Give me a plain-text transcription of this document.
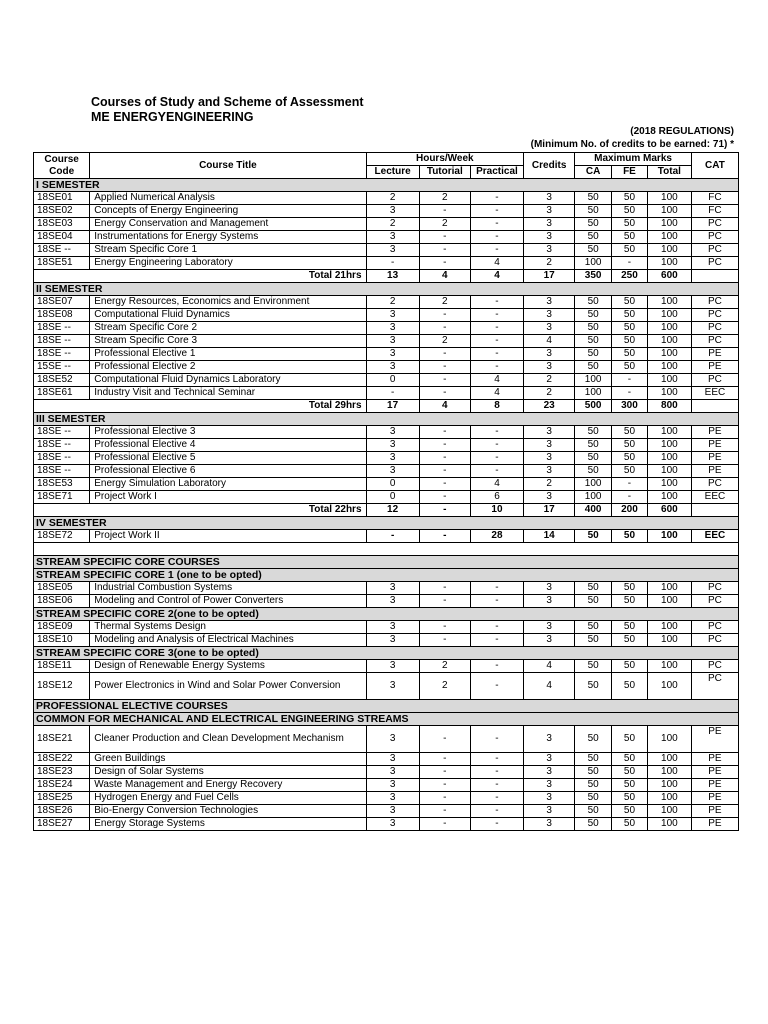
Courses of Study and Scheme of Assessment
ME ENERGYENGINEERING
(2018 REGULATIONS)
(Minimum No. of credits to be earned: 71) *
Course Code	Course Title	Hours/Week			Credits	Maximum Marks			CAT
		Lecture	Tutorial	Practical		CA	FE	Total	
I SEMESTER									
18SE01	Applied Numerical Analysis	2	2	-	3	50	50	100	FC
18SE02	Concepts of Energy Engineering	3	-	-	3	50	50	100	FC
18SE03	Energy Conservation and Management	2	2	-	3	50	50	100	PC
18SE04	Instrumentations for Energy Systems	3	-	-	3	50	50	100	PC
18SE --	Stream Specific Core 1	3	-	-	3	50	50	100	PC
18SE51	Energy Engineering Laboratory	-	-	4	2	100	-	100	PC
Total 21hrs		13	4	4	17	350	250	600	
II SEMESTER									
18SE07	Energy Resources, Economics and Environment	2	2	-	3	50	50	100	PC
18SE08	Computational Fluid Dynamics	3	-	-	3	50	50	100	PC
18SE --	Stream Specific Core 2	3	-	-	3	50	50	100	PC
18SE --	Stream Specific Core 3	3	2	-	4	50	50	100	PC
18SE --	Professional Elective 1	3	-	-	3	50	50	100	PE
15SE --	Professional Elective 2	3	-	-	3	50	50	100	PE
18SE52	Computational Fluid Dynamics Laboratory	0	-	4	2	100	-	100	PC
18SE61	Industry Visit and Technical Seminar	-	-	4	2	100	-	100	EEC
Total 29hrs		17	4	8	23	500	300	800	
III SEMESTER									
18SE --	Professional Elective 3	3	-	-	3	50	50	100	PE
18SE --	Professional Elective 4	3	-	-	3	50	50	100	PE
18SE --	Professional Elective 5	3	-	-	3	50	50	100	PE
18SE --	Professional Elective 6	3	-	-	3	50	50	100	PE
18SE53	Energy Simulation Laboratory	0	-	4	2	100	-	100	PC
18SE71	Project Work I	0	-	6	3	100	-	100	EEC
Total 22hrs		12	-	10	17	400	200	600	
IV SEMESTER									
18SE72	Project Work II	-	-	28	14	50	50	100	EEC

STREAM SPECIFIC CORE COURSES									
STREAM SPECIFIC CORE 1 (one to be opted)									
18SE05	Industrial Combustion Systems	3	-	-	3	50	50	100	PC
18SE06	Modeling and Control of Power Converters	3	-	-	3	50	50	100	PC
STREAM SPECIFIC CORE 2(one to be opted)									
18SE09	Thermal Systems Design	3	-	-	3	50	50	100	PC
18SE10	Modeling and Analysis of Electrical Machines	3	-	-	3	50	50	100	PC
STREAM SPECIFIC CORE 3(one to be opted)									
18SE11	Design of Renewable Energy Systems	3	2	-	4	50	50	100	PC
18SE12	Power Electronics in Wind and Solar Power Conversion	3	2	-	4	50	50	100	PC
PROFESSIONAL ELECTIVE COURSES									
COMMON FOR MECHANICAL AND ELECTRICAL ENGINEERING STREAMS									
18SE21	Cleaner Production and Clean Development Mechanism	3	-	-	3	50	50	100	PE
18SE22	Green Buildings	3	-	-	3	50	50	100	PE
18SE23	Design of Solar Systems	3	-	-	3	50	50	100	PE
18SE24	Waste Management and Energy Recovery	3	-	-	3	50	50	100	PE
18SE25	Hydrogen Energy and Fuel Cells	3	-	-	3	50	50	100	PE
18SE26	Bio-Energy Conversion Technologies	3	-	-	3	50	50	100	PE
18SE27	Energy Storage Systems	3	-	-	3	50	50	100	PE
